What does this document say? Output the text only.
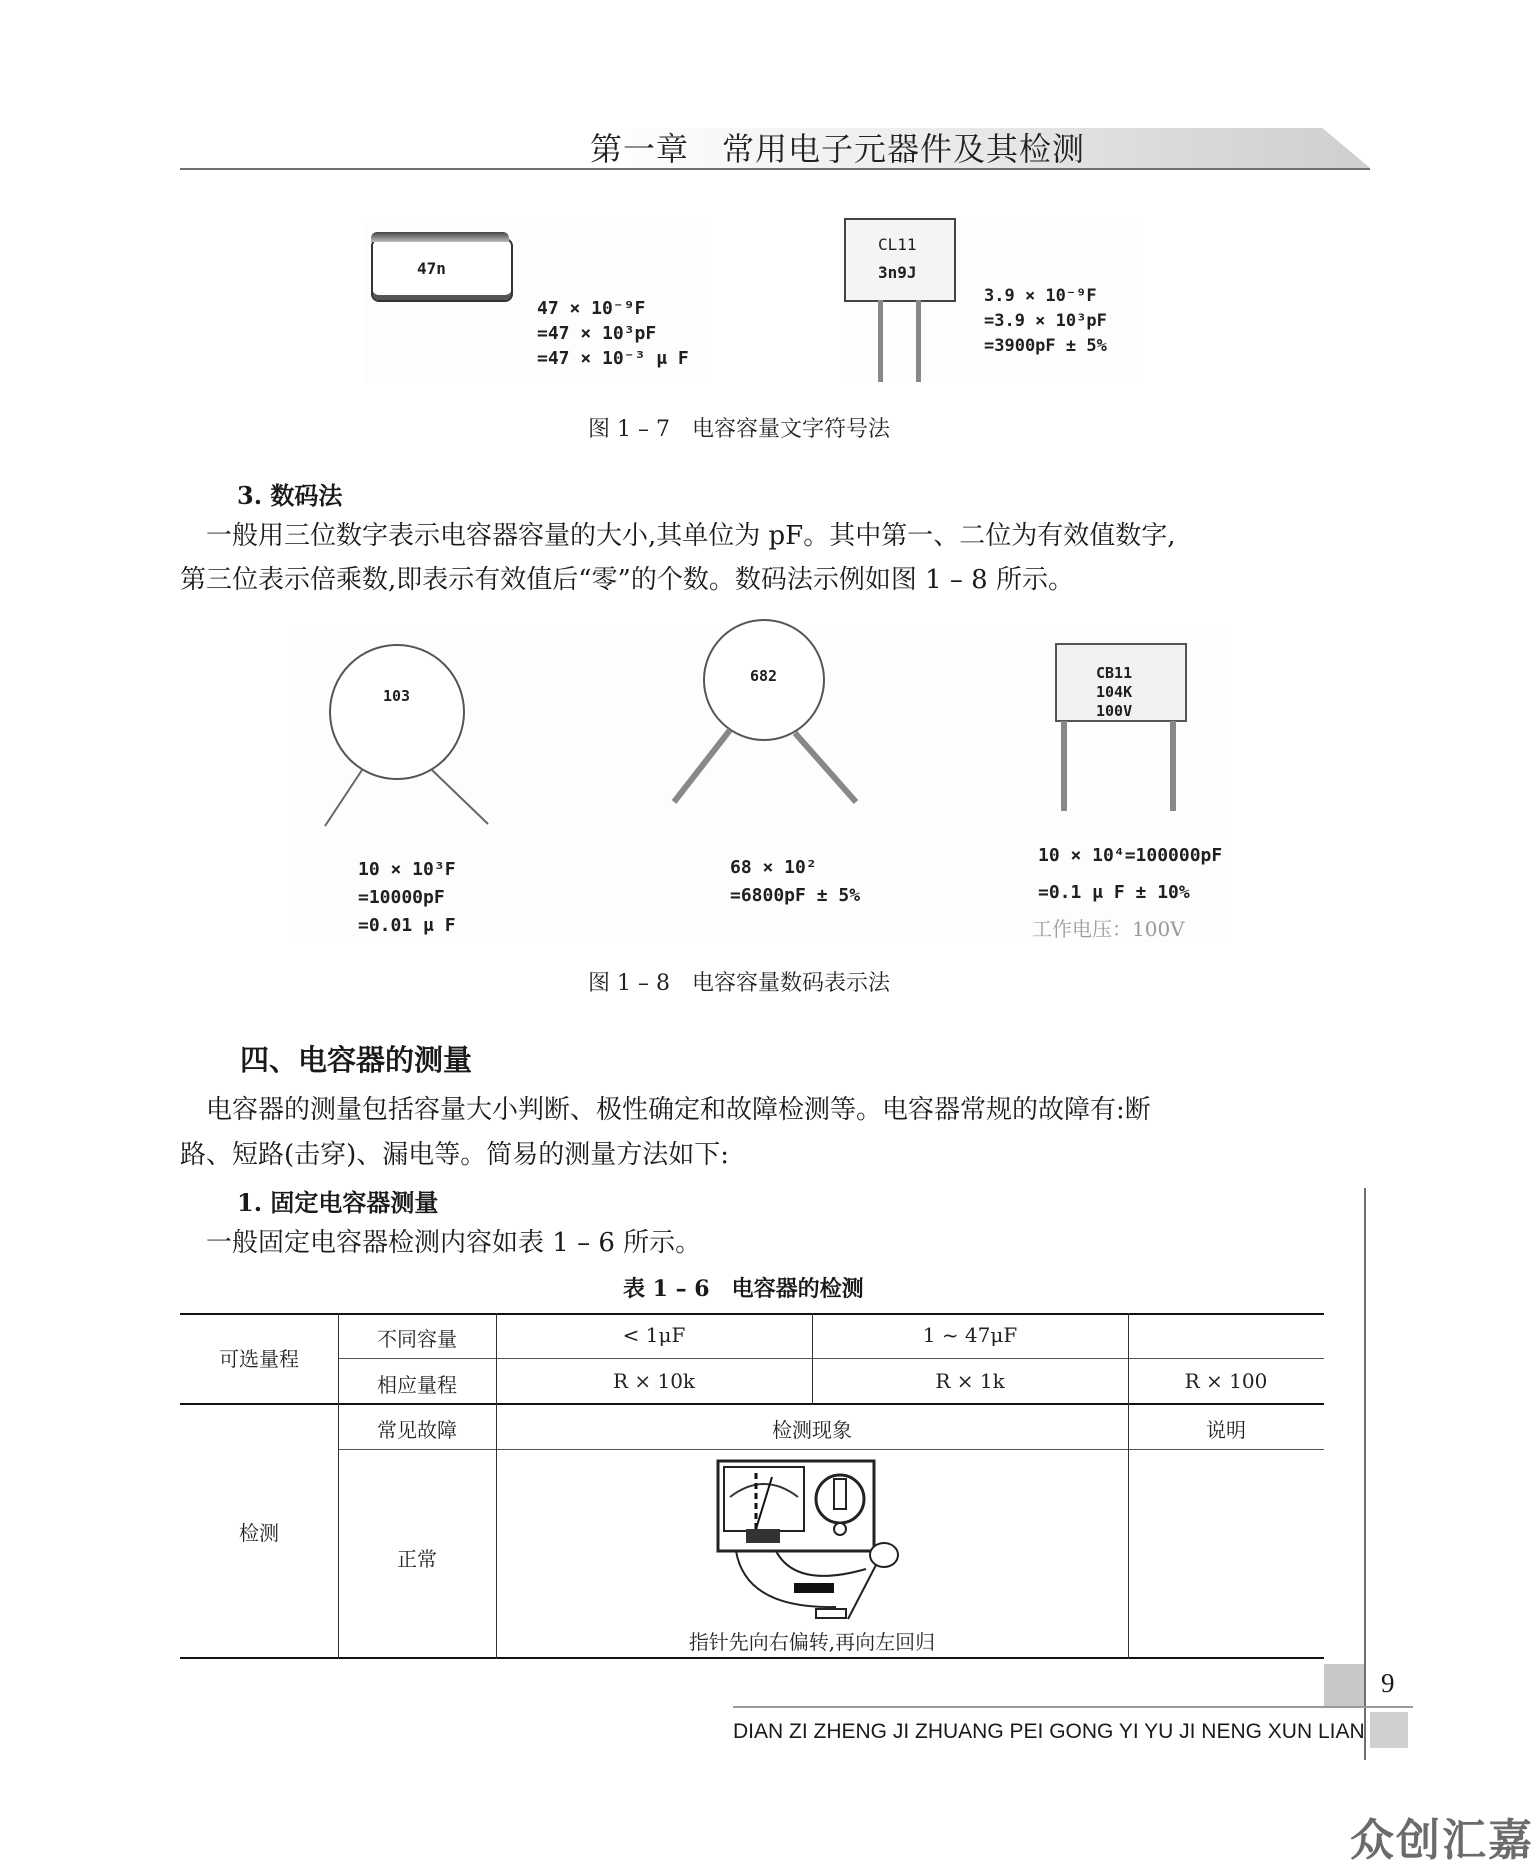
第一章　常用电子元器件及其检测
47n
47 × 10⁻⁹F
=47 × 10³pF
=47 × 10⁻³ μ F
CL11
3n9J
3.9 × 10⁻⁹F
=3.9 × 10³pF
=3900pF ± 5%
图 1 – 7　电容容量文字符号法
3. 数码法
　一般用三位数字表示电容器容量的大小,其单位为 pF。其中第一、二位为有效值数字,
第三位表示倍乘数,即表示有效值后“零”的个数。数码法示例如图 1 – 8 所示。
103
10 × 10³F
=10000pF
=0.01 μ F
682
68 × 10²
=6800pF ± 5%
CB11
104K
100V
10 × 10⁴=100000pF
=0.1 μ F ± 10%
工作电压：100V
图 1 – 8　电容容量数码表示法
四、电容器的测量
　电容器的测量包括容量大小判断、极性确定和故障检测等。电容器常规的故障有:断
路、短路(击穿)、漏电等。简易的测量方法如下:
1. 固定电容器测量
　一般固定电容器检测内容如表 1 – 6 所示。
表 1 – 6　电容器的检测
可选量程
不同容量	< 1μF	1 ~ 47μF
相应量程	R × 10k	R × 1k	R × 100
检测
常见故障	检测现象	说明
正常
指针先向右偏转,再向左回归
9
DIAN ZI ZHENG JI ZHUANG PEI GONG YI YU JI NENG XUN LIAN
众创汇嘉
